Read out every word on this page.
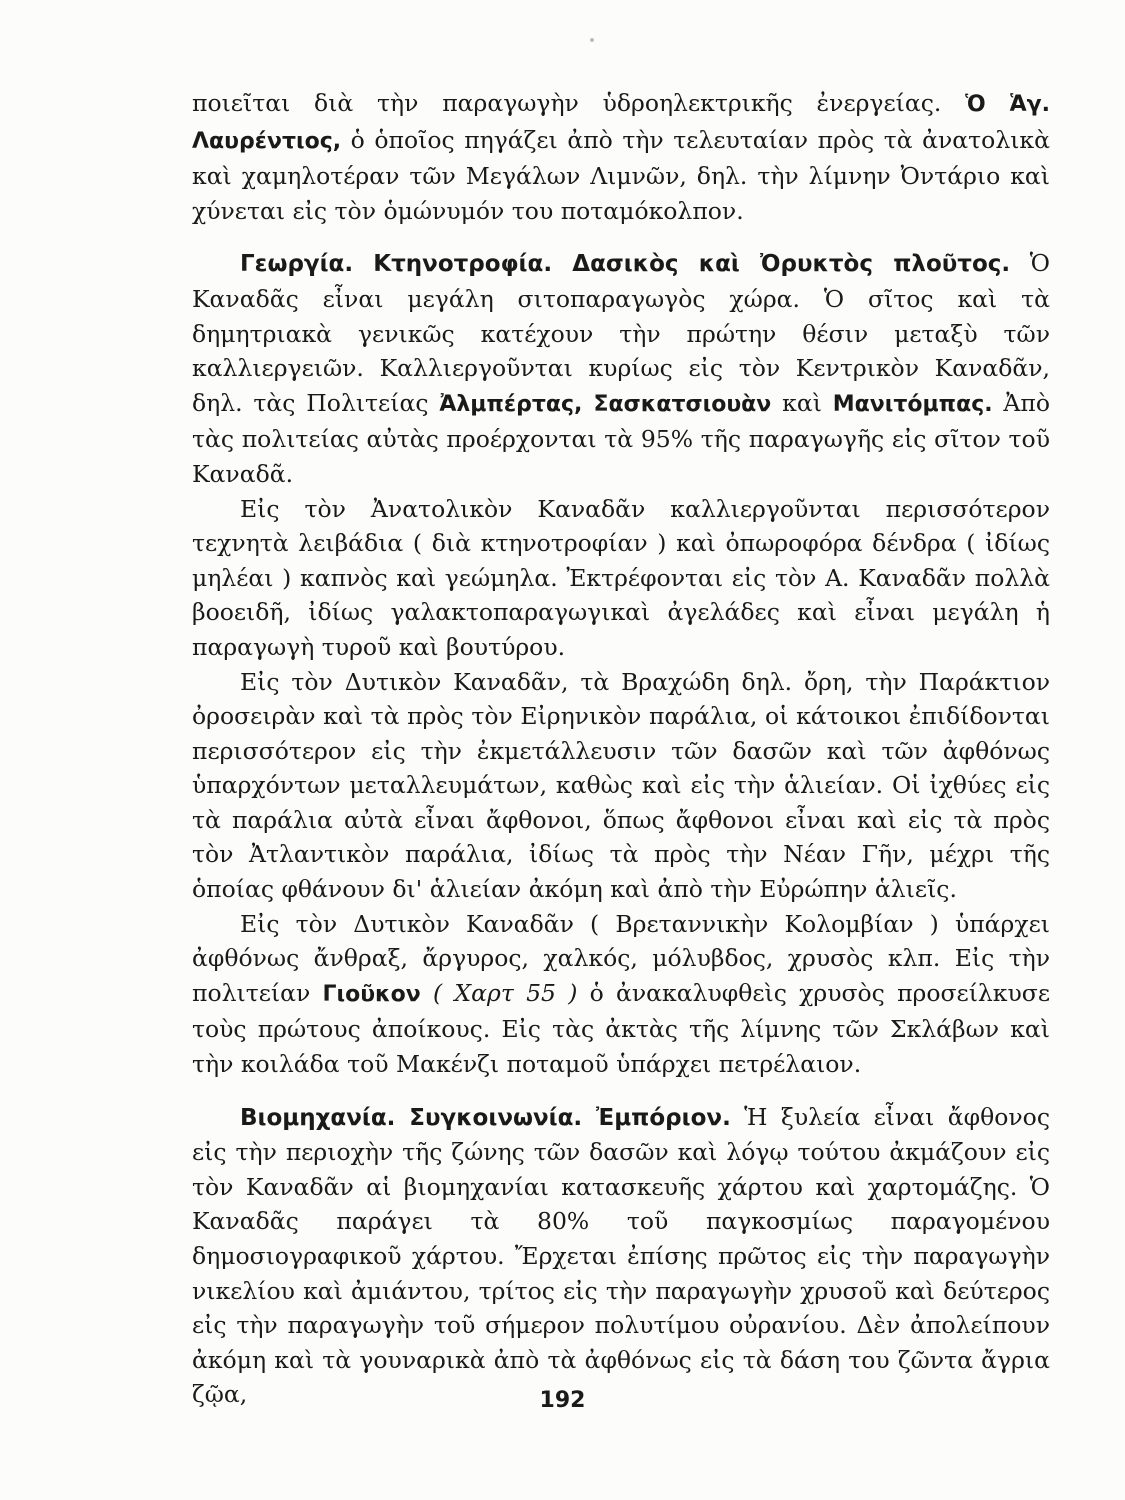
ποιεῖται διὰ τὴν παραγωγὴν ὑδροηλεκτρικῆς ἐνεργείας. Ὁ Ἁγ. Λαυρέντιος, ὁ ὁποῖος πηγάζει ἀπὸ τὴν τελευταίαν πρὸς τὰ ἀνατολικὰ καὶ χαμηλοτέραν τῶν Μεγάλων Λιμνῶν, δηλ. τὴν λίμνην Ὀντάριο καὶ χύνεται εἰς τὸν ὁμώνυμόν του ποταμόκολπον.

Γεωργία. Κτηνοτροφία. Δασικὸς καὶ Ὀρυκτὸς πλοῦτος. Ὁ Καναδᾶς εἶναι μεγάλη σιτοπαραγωγὸς χώρα. Ὁ σῖτος καὶ τὰ δημητριακὰ γενικῶς κατέχουν τὴν πρώτην θέσιν μεταξὺ τῶν καλλιεργειῶν. Καλλιεργοῦνται κυρίως εἰς τὸν Κεντρικὸν Καναδᾶν, δηλ. τὰς Πολιτείας Ἀλμπέρτας, Σασκατσιουὰν καὶ Μανιτόμπας. Ἀπὸ τὰς πολιτείας αὐτὰς προέρχονται τὰ 95% τῆς παραγωγῆς εἰς σῖτον τοῦ Καναδᾶ.

Εἰς τὸν Ἀνατολικὸν Καναδᾶν καλλιεργοῦνται περισσότερον τεχνητὰ λειβάδια ( διὰ κτηνοτροφίαν ) καὶ ὀπωροφόρα δένδρα ( ἰδίως μηλέαι ) καπνὸς καὶ γεώμηλα. Ἐκτρέφονται εἰς τὸν Α. Καναδᾶν πολλὰ βοοειδῆ, ἰδίως γαλακτοπαραγωγικαὶ ἀγελάδες καὶ εἶναι μεγάλη ἡ παραγωγὴ τυροῦ καὶ βουτύρου.

Εἰς τὸν Δυτικὸν Καναδᾶν, τὰ Βραχώδη δηλ. ὄρη, τὴν Παράκτιον ὀροσειρὰν καὶ τὰ πρὸς τὸν Εἰρηνικὸν παράλια, οἱ κάτοικοι ἐπιδίδονται περισσότερον εἰς τὴν ἐκμετάλλευσιν τῶν δασῶν καὶ τῶν ἀφθόνως ὑπαρχόντων μεταλλευμάτων, καθὼς καὶ εἰς τὴν ἁλιείαν. Οἱ ἰχθύες εἰς τὰ παράλια αὐτὰ εἶναι ἄφθονοι, ὅπως ἄφθονοι εἶναι καὶ εἰς τὰ πρὸς τὸν Ἀτλαντικὸν παράλια, ἰδίως τὰ πρὸς τὴν Νέαν Γῆν, μέχρι τῆς ὁποίας φθάνουν δι' ἁλιείαν ἀκόμη καὶ ἀπὸ τὴν Εὐρώπην ἁλιεῖς.

Εἰς τὸν Δυτικὸν Καναδᾶν ( Βρεταννικὴν Κολομβίαν ) ὑπάρχει ἀφθόνως ἄνθραξ, ἄργυρος, χαλκός, μόλυβδος, χρυσὸς κλπ. Εἰς τὴν πολιτείαν Γιοῦκον ( Χαρτ 55 ) ὁ ἀνακαλυφθεὶς χρυσὸς προσείλκυσε τοὺς πρώτους ἀποίκους. Εἰς τὰς ἀκτὰς τῆς λίμνης τῶν Σκλάβων καὶ τὴν κοιλάδα τοῦ Μακένζι ποταμοῦ ὑπάρχει πετρέλαιον.

Βιομηχανία. Συγκοινωνία. Ἐμπόριον. Ἡ ξυλεία εἶναι ἄφθονος εἰς τὴν περιοχὴν τῆς ζώνης τῶν δασῶν καὶ λόγῳ τούτου ἀκμάζουν εἰς τὸν Καναδᾶν αἱ βιομηχανίαι κατασκευῆς χάρτου καὶ χαρτομάζης. Ὁ Καναδᾶς παράγει τὰ 80% τοῦ παγκοσμίως παραγομένου δημοσιογραφικοῦ χάρτου. Ἔρχεται ἐπίσης πρῶτος εἰς τὴν παραγωγὴν νικελίου καὶ ἀμιάντου, τρίτος εἰς τὴν παραγωγὴν χρυσοῦ καὶ δεύτερος εἰς τὴν παραγωγὴν τοῦ σήμερον πολυτίμου οὐρανίου. Δὲν ἀπολείπουν ἀκόμη καὶ τὰ γουναρικὰ ἀπὸ τὰ ἀφθόνως εἰς τὰ δάση του ζῶντα ἄγρια ζῷα,	192
